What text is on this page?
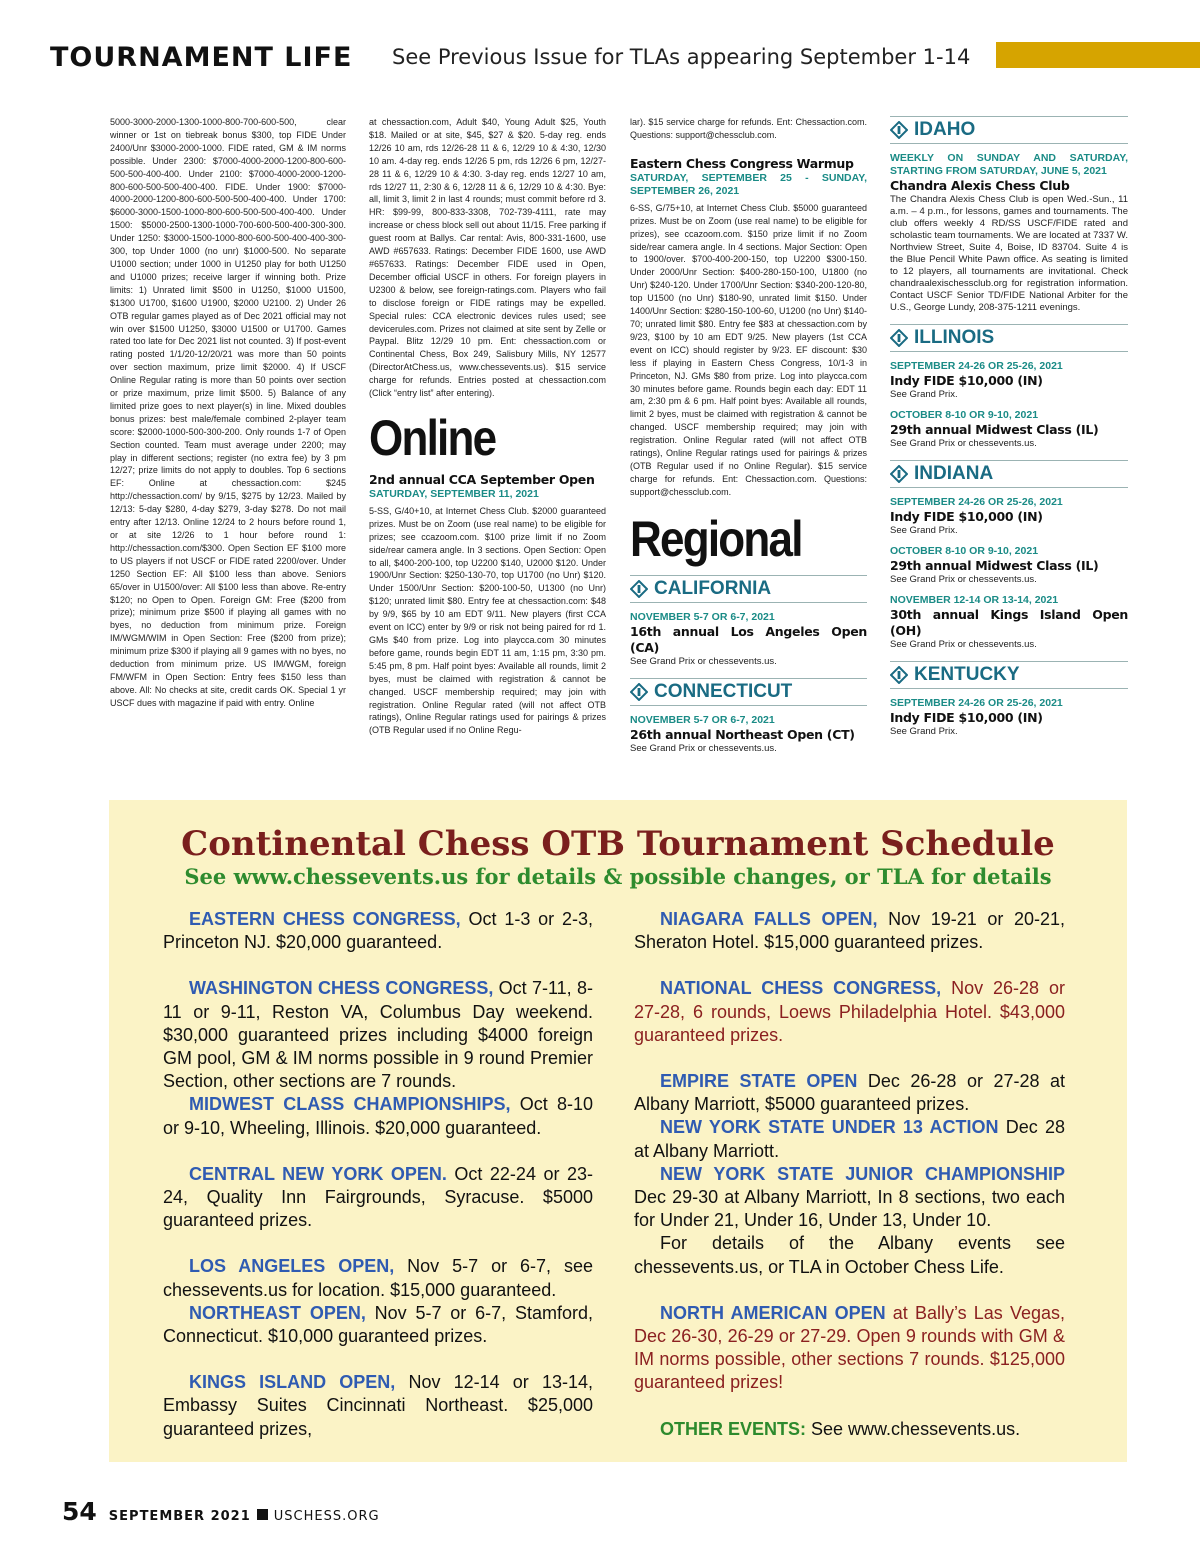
TOURNAMENT LIFE See Previous Issue for TLAs appearing September 1-14

5000-3000-2000-1300-1000-800-700-600-500, clear winner or 1st on tiebreak bonus $300, top FIDE Under 2400/Unr $3000-2000-1000. FIDE rated, GM & IM norms possible. Under 2300: $7000-4000-2000-1200-800-600-500-500-400-400. Under 2100: $7000-4000-2000-1200-800-600-500-500-400-400. FIDE. Under 1900: $7000-4000-2000-1200-800-600-500-500-400-400. Under 1700: $6000-3000-1500-1000-800-600-500-500-400-400. Under 1500: $5000-2500-1300-1000-700-600-500-400-300-300. Under 1250: $3000-1500-1000-800-600-500-400-400-300-300, top Under 1000 (no unr) $1000-500. No separate U1000 section; under 1000 in U1250 play for both U1250 and U1000 prizes; receive larger if winning both. Prize limits: 1) Unrated limit $500 in U1250, $1000 U1500, $1300 U1700, $1600 U1900, $2000 U2100. 2) Under 26 OTB regular games played as of Dec 2021 official may not win over $1500 U1250, $3000 U1500 or U1700. Games rated too late for Dec 2021 list not counted. 3) If post-event rating posted 1/1/20-12/20/21 was more than 50 points over section maximum, prize limit $2000. 4) If USCF Online Regular rating is more than 50 points over section or prize maximum, prize limit $500. 5) Balance of any limited prize goes to next player(s) in line. Mixed doubles bonus prizes: best male/female combined 2-player team score: $2000-1000-500-300-200. Only rounds 1-7 of Open Section counted. Team must average under 2200; may play in different sections; register (no extra fee) by 3 pm 12/27; prize limits do not apply to doubles. Top 6 sections EF: Online at chessaction.com: $245 http://chessaction.com/ by 9/15, $275 by 12/23. Mailed by 12/13: 5-day $280, 4-day $279, 3-day $278. Do not mail entry after 12/13. Online 12/24 to 2 hours before round 1, or at site 12/26 to 1 hour before round 1: http://chessaction.com/$300. Open Section EF $100 more to US players if not USCF or FIDE rated 2200/over. Under 1250 Section EF: All $100 less than above. Seniors 65/over in U1500/over: All $100 less than above. Re-entry $120; no Open to Open. Foreign GM: Free ($200 from prize); minimum prize $500 if playing all games with no byes, no deduction from minimum prize. Foreign IM/WGM/WIM in Open Section: Free ($200 from prize); minimum prize $300 if playing all 9 games with no byes, no deduction from minimum prize. US IM/WGM, foreign FM/WFM in Open Section: Entry fees $150 less than above. All: No checks at site, credit cards OK. Special 1 yr USCF dues with magazine if paid with entry. Online

at chessaction.com, Adult $40, Young Adult $25, Youth $18. Mailed or at site, $45, $27 & $20. 5-day reg. ends 12/26 10 am, rds 12/26-28 11 & 6, 12/29 10 & 4:30, 12/30 10 am. 4-day reg. ends 12/26 5 pm, rds 12/26 6 pm, 12/27-28 11 & 6, 12/29 10 & 4:30. 3-day reg. ends 12/27 10 am, rds 12/27 11, 2:30 & 6, 12/28 11 & 6, 12/29 10 & 4:30. Bye: all, limit 3, limit 2 in last 4 rounds; must commit before rd 3. HR: $99-99, 800-833-3308, 702-739-4111, rate may increase or chess block sell out about 11/15. Free parking if guest room at Ballys. Car rental: Avis, 800-331-1600, use AWD #657633. Ratings: December FIDE 1600, use AWD #657633. Ratings: December FIDE used in Open, December official USCF in others. For foreign players in U2300 & below, see foreign-ratings.com. Players who fail to disclose foreign or FIDE ratings may be expelled. Special rules: CCA electronic devices rules used; see devicerules.com. Prizes not claimed at site sent by Zelle or Paypal. Blitz 12/29 10 pm. Ent: chessaction.com or Continental Chess, Box 249, Salisbury Mills, NY 12577 (DirectorAtChess.us, www.chessevents.us). $15 service charge for refunds. Entries posted at chessaction.com (Click “entry list” after entering).

Online

2nd annual CCA September Open

SATURDAY, SEPTEMBER 11, 2021

5-SS, G/40+10, at Internet Chess Club. $2000 guaranteed prizes. Must be on Zoom (use real name) to be eligible for prizes; see ccazoom.com. $100 prize limit if no Zoom side/rear camera angle. In 3 sections. Open Section: Open to all, $400-200-100, top U2200 $140, U2000 $120. Under 1900/Unr Section: $250-130-70, top U1700 (no Unr) $120. Under 1500/Unr Section: $200-100-50, U1300 (no Unr) $120; unrated limit $80. Entry fee at chessaction.com: $48 by 9/9, $65 by 10 am EDT 9/11. New players (first CCA event on ICC) enter by 9/9 or risk not being paired for rd 1. GMs $40 from prize. Log into playcca.com 30 minutes before game, rounds begin EDT 11 am, 1:15 pm, 3:30 pm. 5:45 pm, 8 pm. Half point byes: Available all rounds, limit 2 byes, must be claimed with registration & cannot be changed. USCF membership required; may join with registration. Online Regular rated (will not affect OTB ratings), Online Regular ratings used for pairings & prizes (OTB Regular used if no Online Regu-

lar). $15 service charge for refunds. Ent: Chessaction.com. Questions: support@chessclub.com.

Eastern Chess Congress Warmup

SATURDAY, SEPTEMBER 25 - SUNDAY, SEPTEMBER 26, 2021

6-SS, G/75+10, at Internet Chess Club. $5000 guaranteed prizes. Must be on Zoom (use real name) to be eligible for prizes), see ccazoom.com. $150 prize limit if no Zoom side/rear camera angle. In 4 sections. Major Section: Open to 1900/over. $700-400-200-150, top U2200 $300-150. Under 2000/Unr Section: $400-280-150-100, U1800 (no Unr) $240-120. Under 1700/Unr Section: $340-200-120-80, top U1500 (no Unr) $180-90, unrated limit $150. Under 1400/Unr Section: $280-150-100-60, U1200 (no Unr) $140-70; unrated limit $80. Entry fee $83 at chessaction.com by 9/23, $100 by 10 am EDT 9/25. New players (1st CCA event on ICC) should register by 9/23. EF discount: $30 less if playing in Eastern Chess Congress, 10/1-3 in Princeton, NJ. GMs $80 from prize. Log into playcca.com 30 minutes before game. Rounds begin each day: EDT 11 am, 2:30 pm & 6 pm. Half point byes: Available all rounds, limit 2 byes, must be claimed with registration & cannot be changed. USCF membership required; may join with registration. Online Regular rated (will not affect OTB ratings), Online Regular ratings used for pairings & prizes (OTB Regular used if no Online Regular). $15 service charge for refunds. Ent: Chessaction.com. Questions: support@chessclub.com.

Regional
CALIFORNIA

NOVEMBER 5-7 OR 6-7, 2021

16th annual Los Angeles Open (CA)

See Grand Prix or chessevents.us.

CONNECTICUT

NOVEMBER 5-7 OR 6-7, 2021

26th annual Northeast Open (CT)

See Grand Prix or chessevents.us.

IDAHO

WEEKLY ON SUNDAY AND SATURDAY, STARTING FROM SATURDAY, JUNE 5, 2021

Chandra Alexis Chess Club

The Chandra Alexis Chess Club is open Wed.-Sun., 11 a.m. – 4 p.m., for lessons, games and tournaments. The club offers weekly 4 RD/SS USCF/FIDE rated and scholastic team tournaments. We are located at 7337 W. Northview Street, Suite 4, Boise, ID 83704. Suite 4 is the Blue Pencil White Pawn office. As seating is limited to 12 players, all tournaments are invitational. Check chandraalexischessclub.org for registration information. Contact USCF Senior TD/FIDE National Arbiter for the U.S., George Lundy, 208-375-1211 evenings.

ILLINOIS

SEPTEMBER 24-26 OR 25-26, 2021

Indy FIDE $10,000 (IN)

See Grand Prix.

OCTOBER 8-10 OR 9-10, 2021

29th annual Midwest Class (IL)

See Grand Prix or chessevents.us.

INDIANA

SEPTEMBER 24-26 OR 25-26, 2021

Indy FIDE $10,000 (IN)

See Grand Prix.

OCTOBER 8-10 OR 9-10, 2021

29th annual Midwest Class (IL)

See Grand Prix or chessevents.us.

NOVEMBER 12-14 OR 13-14, 2021

30th annual Kings Island Open (OH)

See Grand Prix or chessevents.us.

KENTUCKY

SEPTEMBER 24-26 OR 25-26, 2021

Indy FIDE $10,000 (IN)

See Grand Prix.

Continental Chess OTB Tournament Schedule
See www.chessevents.us for details & possible changes, or TLA for details

EASTERN CHESS CONGRESS, Oct 1-3 or 2-3, Princeton NJ. $20,000 guaranteed.

WASHINGTON CHESS CONGRESS, Oct 7-11, 8-11 or 9-11, Reston VA, Columbus Day weekend. $30,000 guaranteed prizes including $4000 foreign GM pool, GM & IM norms possible in 9 round Premier Section, other sections are 7 rounds.

MIDWEST CLASS CHAMPIONSHIPS, Oct 8-10 or 9-10, Wheeling, Illinois. $20,000 guaranteed.

CENTRAL NEW YORK OPEN. Oct 22-24 or 23-24, Quality Inn Fairgrounds, Syracuse. $5000 guaranteed prizes.

LOS ANGELES OPEN, Nov 5-7 or 6-7, see chessevents.us for location. $15,000 guaranteed.

NORTHEAST OPEN, Nov 5-7 or 6-7, Stamford, Connecticut. $10,000 guaranteed prizes.

KINGS ISLAND OPEN, Nov 12-14 or 13-14, Embassy Suites Cincinnati Northeast. $25,000 guaranteed prizes,

NIAGARA FALLS OPEN, Nov 19-21 or 20-21, Sheraton Hotel. $15,000 guaranteed prizes.

NATIONAL CHESS CONGRESS, Nov 26-28 or 27-28, 6 rounds, Loews Philadelphia Hotel. $43,000 guaranteed prizes.

EMPIRE STATE OPEN Dec 26-28 or 27-28 at Albany Marriott, $5000 guaranteed prizes.

NEW YORK STATE UNDER 13 ACTION Dec 28 at Albany Marriott.

NEW YORK STATE JUNIOR CHAMPIONSHIP Dec 29-30 at Albany Marriott, In 8 sections, two each for Under 21, Under 16, Under 13, Under 10.

For details of the Albany events see chessevents.us, or TLA in October Chess Life.

NORTH AMERICAN OPEN at Bally’s Las Vegas, Dec 26-30, 26-29 or 27-29. Open 9 rounds with GM & IM norms possible, other sections 7 rounds. $125,000 guaranteed prizes!

OTHER EVENTS: See www.chessevents.us.

54 SEPTEMBER 2021 USCHESS.ORG
